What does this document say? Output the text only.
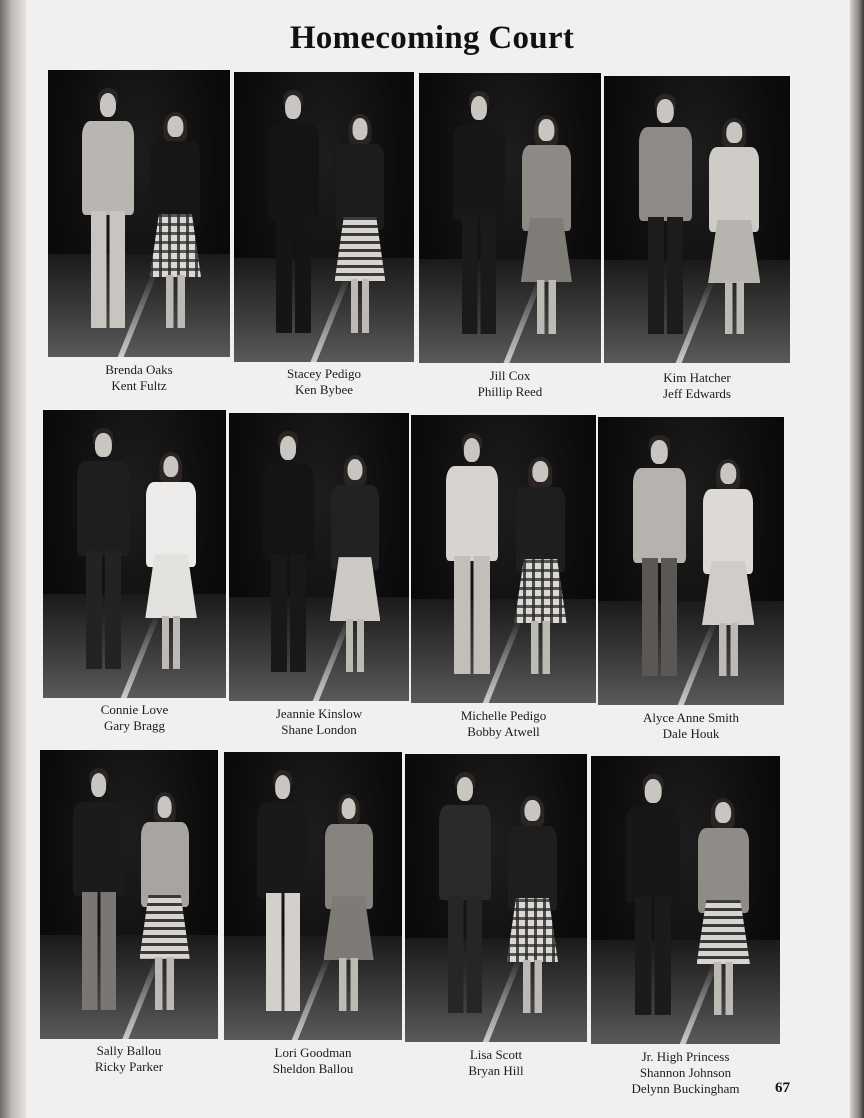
Homecoming Court
Brenda Oaks
Kent Fultz
Stacey Pedigo
Ken Bybee
Jill Cox
Phillip Reed
Kim Hatcher
Jeff Edwards
Connie Love
Gary Bragg
Jeannie Kinslow
Shane London
Michelle Pedigo
Bobby Atwell
Alyce Anne Smith
Dale Houk
Sally Ballou
Ricky Parker
Lori Goodman
Sheldon Ballou
Lisa Scott
Bryan Hill
Jr. High Princess
Shannon Johnson
Delynn Buckingham	67
